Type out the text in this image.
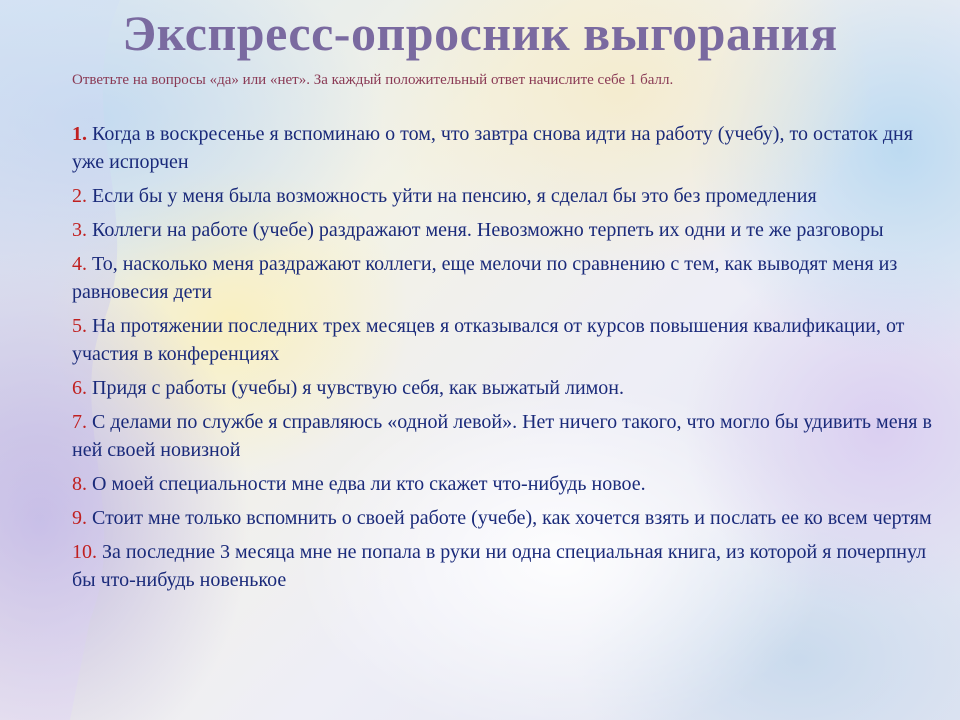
Экспресс-опросник выгорания
Ответьте на вопросы «да» или «нет». За каждый положительный ответ начислите себе 1 балл.
1. Когда в воскресенье я вспоминаю о том, что завтра снова идти на работу (учебу), то остаток дня уже испорчен
2. Если бы у меня была возможность уйти на пенсию, я сделал бы это без промедления
3. Коллеги на работе (учебе) раздражают меня. Невозможно терпеть их одни и те же разговоры
4. То, насколько меня раздражают коллеги, еще мелочи по сравнению с тем, как выводят меня из равновесия дети
5. На протяжении последних трех месяцев я отказывался от курсов повышения квалификации, от участия в конференциях
6. Придя с работы (учебы) я чувствую себя, как выжатый лимон.
7. С делами по службе я справляюсь «одной левой». Нет ничего такого, что могло бы удивить меня в ней своей новизной
8. О моей специальности мне едва ли кто скажет что-нибудь новое.
9. Стоит мне только вспомнить о своей работе (учебе), как хочется взять и послать ее ко всем чертям
10. За последние 3 месяца мне не попала в руки ни одна специальная книга, из которой я почерпнул бы что-нибудь новенькое
